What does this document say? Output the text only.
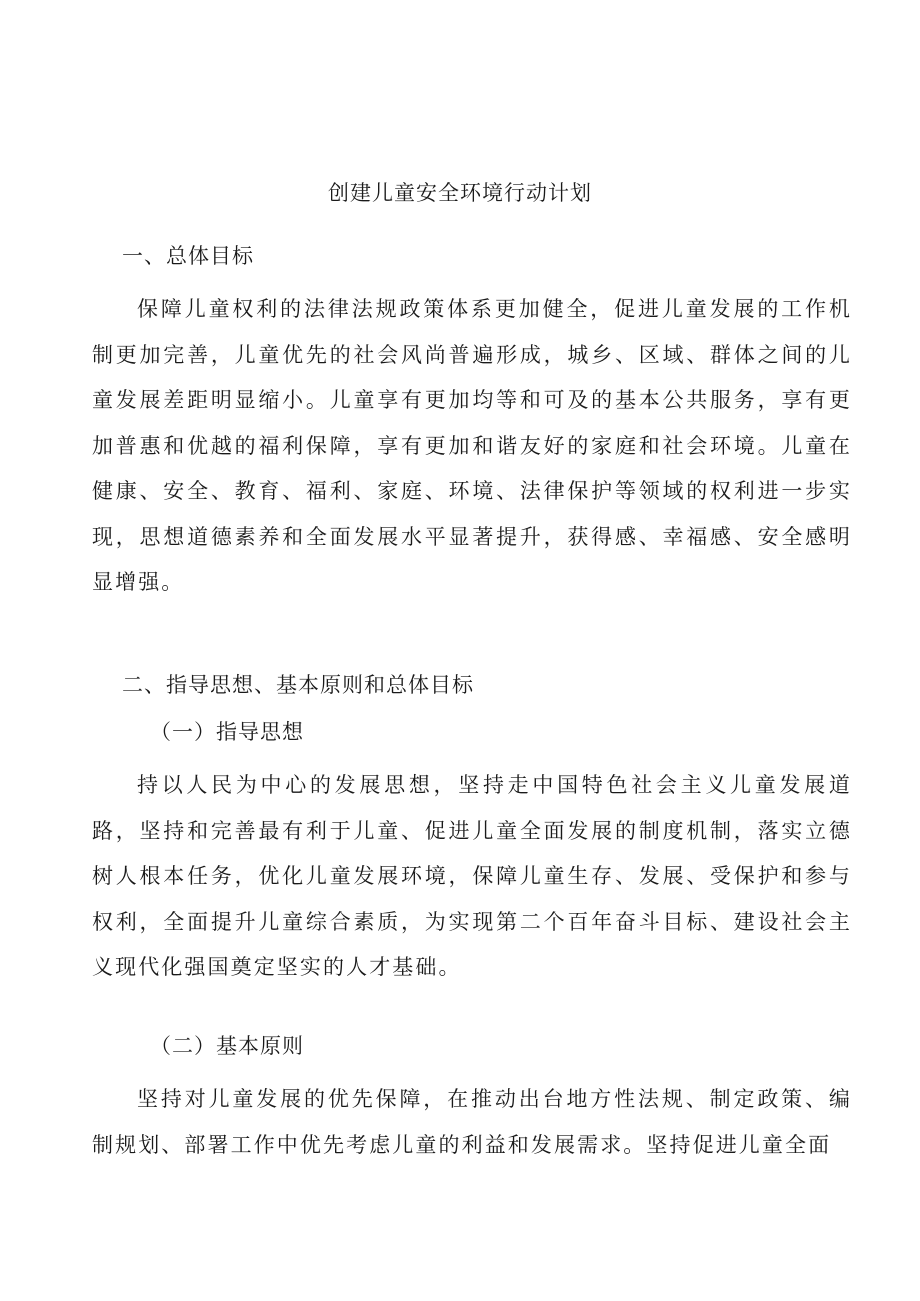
创建儿童安全环境行动计划
一、总体目标
保障儿童权利的法律法规政策体系更加健全，促进儿童发展的工作机制更加完善，儿童优先的社会风尚普遍形成，城乡、区域、群体之间的儿童发展差距明显缩小。儿童享有更加均等和可及的基本公共服务，享有更加普惠和优越的福利保障，享有更加和谐友好的家庭和社会环境。儿童在健康、安全、教育、福利、家庭、环境、法律保护等领域的权利进一步实现，思想道德素养和全面发展水平显著提升，获得感、幸福感、安全感明显增强。
二、指导思想、基本原则和总体目标
（一）指导思想
持以人民为中心的发展思想，坚持走中国特色社会主义儿童发展道路，坚持和完善最有利于儿童、促进儿童全面发展的制度机制，落实立德树人根本任务，优化儿童发展环境，保障儿童生存、发展、受保护和参与权利，全面提升儿童综合素质，为实现第二个百年奋斗目标、建设社会主义现代化强国奠定坚实的人才基础。
（二）基本原则
坚持对儿童发展的优先保障，在推动出台地方性法规、制定政策、编制规划、部署工作中优先考虑儿童的利益和发展需求。坚持促进儿童全面
